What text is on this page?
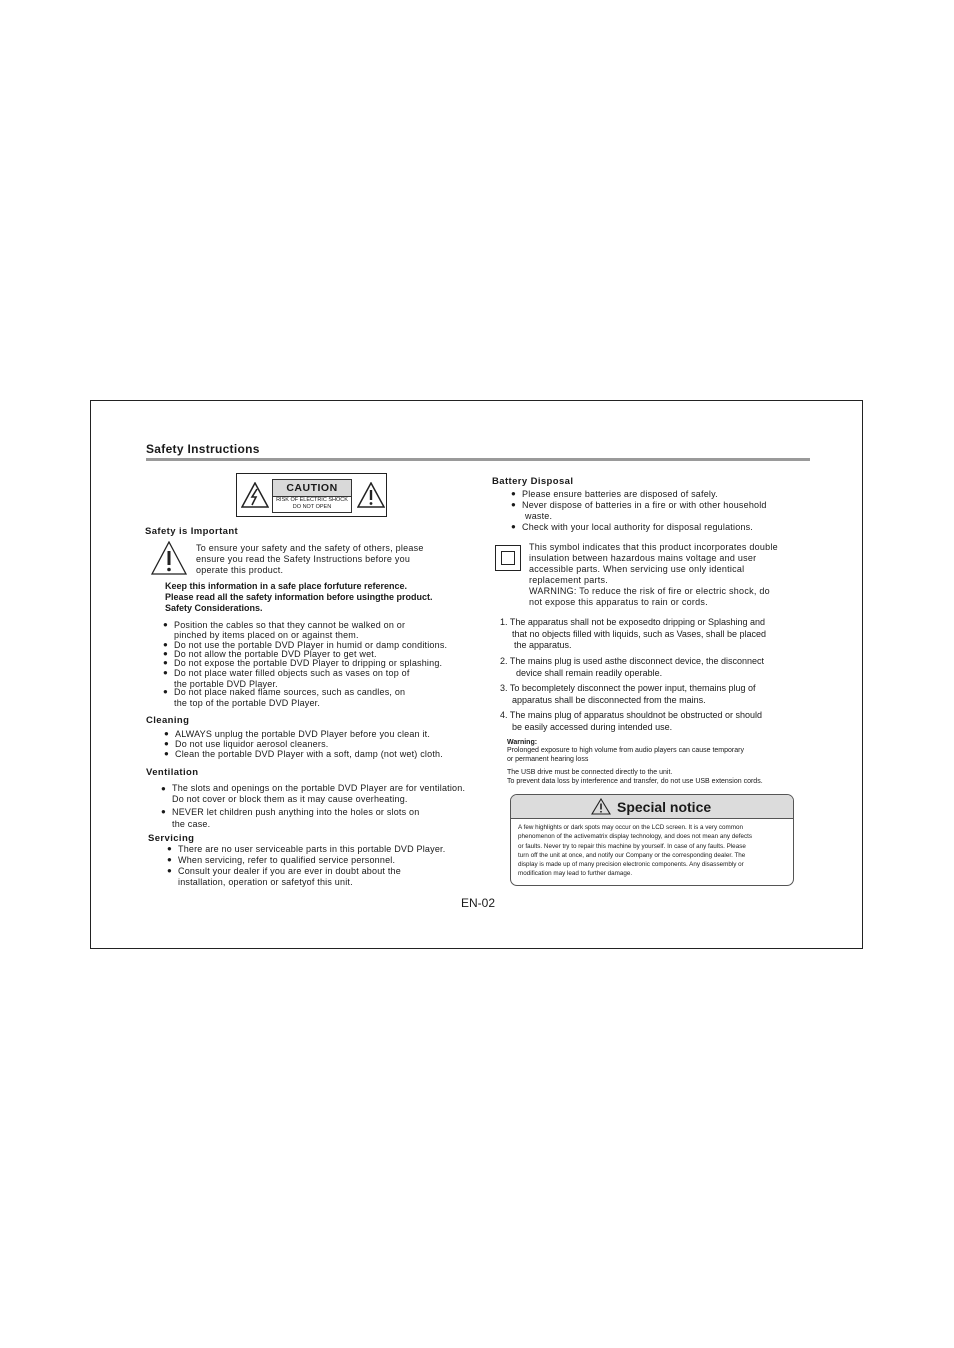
Safety Instructions
CAUTION
RISK OF ELECTRIC SHOCK
DO NOT OPEN
Safety is Important
To ensure your safety and the safety of others, please
ensure you read the Safety Instructions before you
operate this product.
Keep this information in a safe place forfuture reference.
Please read all the safety information before usingthe product.
Safety Considerations.
● Position the cables so that they cannot be walked on or
pinched by items placed on or against them.
● Do not use the portable DVD Player in humid or damp conditions.
● Do not allow the portable DVD Player to get wet.
● Do not expose the portable DVD Player to dripping or splashing.
● Do not place water filled objects such as vases on top of
the portable DVD Player.
● Do not place naked flame sources, such as candles, on
the top of the portable DVD Player.
Cleaning
● ALWAYS unplug the portable DVD Player before you clean it.
● Do not use liquidor aerosol cleaners.
● Clean the portable DVD Player with a soft, damp (not wet) cloth.
Ventilation
● The slots and openings on the portable DVD Player are for ventilation.
Do not cover or block them as it may cause overheating.
● NEVER let children push anything into the holes or slots on
the case.
Servicing
● There are no user serviceable parts in this portable DVD Player.
● When servicing, refer to qualified service personnel.
● Consult your dealer if you are ever in doubt about the
installation, operation or safetyof this unit.
Battery Disposal
● Please ensure batteries are disposed of safely.
● Never dispose of batteries in a fire or with other household
waste.
● Check with your local authority for disposal regulations.
This symbol indicates that this product incorporates double
insulation between hazardous mains voltage and user
accessible parts. When servicing use only identical
replacement parts.
WARNING: To reduce the risk of fire or electric shock, do
not expose this apparatus to rain or cords.
1. The apparatus shall not be exposedto dripping or Splashing and
that no objects filled with liquids, such as Vases, shall be placed
the apparatus.
2. The mains plug is used asthe disconnect device, the disconnect
device shall remain readily operable.
3. To becompletely disconnect the power input, themains plug of
apparatus shall be disconnected from the mains.
4. The mains plug of apparatus shouldnot be obstructed or should
be easily accessed during intended use.
Warning:
Prolonged exposure to high volume from audio players can cause temporary
or permanent hearing loss
The USB drive must be connected directly to the unit.
To prevent data loss by interference and transfer, do not use USB extension cords.
Special notice
A few highlights or dark spots may occur on the LCD screen. It is a very common
phenomenon of the activematrix display technology, and does not mean any defects
or faults. Never try to repair this machine by yourself. In case of any faults. Please
turn off the unit at once, and notify our Company or the corresponding dealer. The
display is made up of many precision electronic components. Any disassembly or
modification may lead to further damage.
EN-02
